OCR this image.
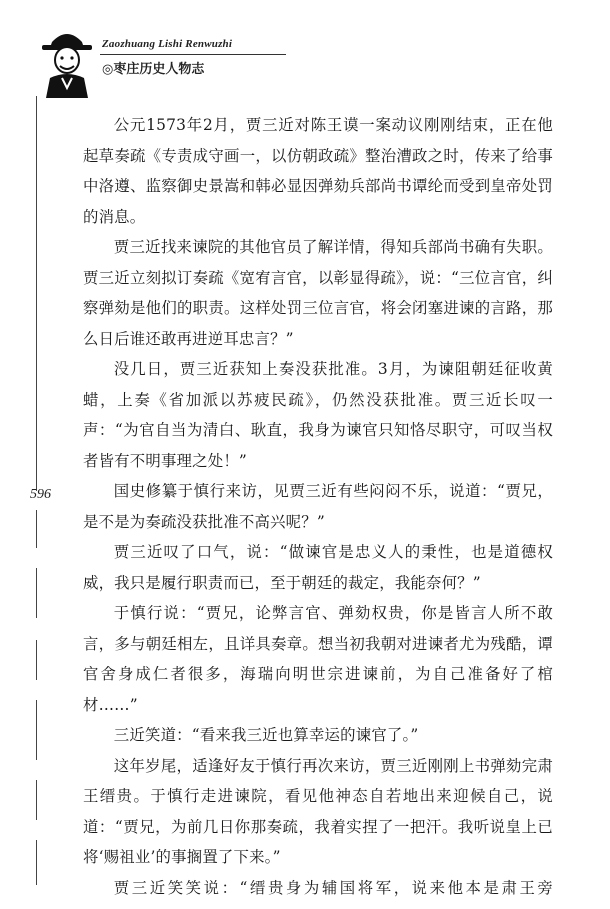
Zaozhuang Lishi Renwuzhi
◎枣庄历史人物志
596

公元1573年2月，贾三近对陈王谟一案动议刚刚结束，正在他起草奏疏《专责成守画一，以仿朝政疏》整治漕政之时，传来了给事中洛遵、监察御史景嵩和韩必显因弹劾兵部尚书谭纶而受到皇帝处罚的消息。

贾三近找来谏院的其他官员了解详情，得知兵部尚书确有失职。贾三近立刻拟订奏疏《宽宥言官，以彰显得疏》，说：“三位言官，纠察弹劾是他们的职责。这样处罚三位言官，将会闭塞进谏的言路，那么日后谁还敢再进逆耳忠言？”

没几日，贾三近获知上奏没获批准。3月，为谏阻朝廷征收黄蜡，上奏《省加派以苏疲民疏》，仍然没获批准。贾三近长叹一声：“为官自当为清白、耿直，我身为谏官只知恪尽职守，可叹当权者皆有不明事理之处！”

国史修纂于慎行来访，见贾三近有些闷闷不乐，说道：“贾兄，是不是为奏疏没获批准不高兴呢？”

贾三近叹了口气，说：“做谏官是忠义人的秉性，也是道德权威，我只是履行职责而已，至于朝廷的裁定，我能奈何？”

于慎行说：“贾兄，论弊言官、弹劾权贵，你是皆言人所不敢言，多与朝廷相左，且详具奏章。想当初我朝对进谏者尤为残酷，谭官舍身成仁者很多，海瑞向明世宗进谏前，为自己准备好了棺材……”

三近笑道：“看来我三近也算幸运的谏官了。”

这年岁尾，适逢好友于慎行再次来访，贾三近刚刚上书弹劾完肃王缙贵。于慎行走进谏院，看见他神态自若地出来迎候自己，说道：“贾兄，为前几日你那奏疏，我着实捏了一把汗。我听说皇上已将‘赐祖业’的事搁置了下来。”

贾三近笑笑说：“缙贵身为辅国将军，说来他本是肃王旁
